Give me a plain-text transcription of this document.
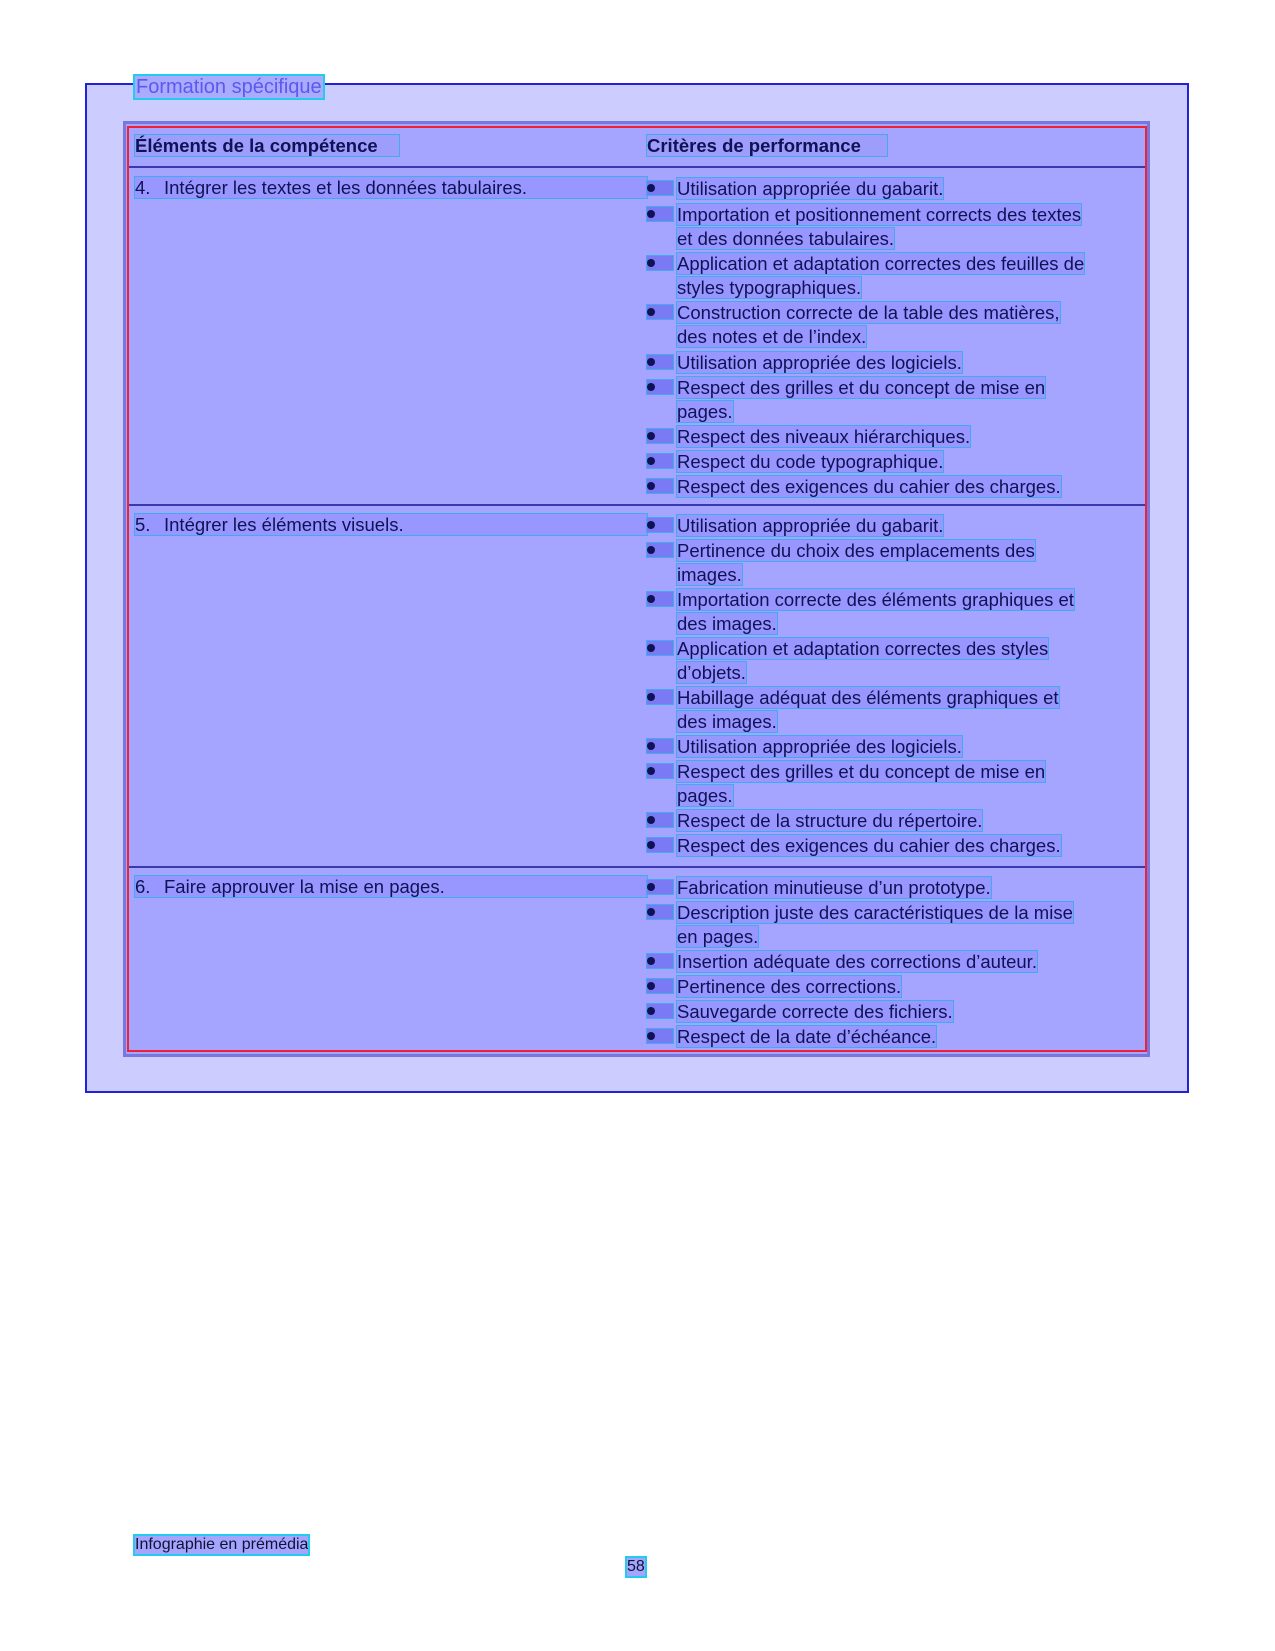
Formation spécifique
Éléments de la compétence	Critères de performance
4. Intégrer les textes et les données tabulaires.	Utilisation appropriée du gabarit.
Importation et positionnement corrects des textes
et des données tabulaires.
Application et adaptation correctes des feuilles de
styles typographiques.
Construction correcte de la table des matières,
des notes et de l’index.
Utilisation appropriée des logiciels.
Respect des grilles et du concept de mise en
pages.
Respect des niveaux hiérarchiques.
Respect du code typographique.
Respect des exigences du cahier des charges.
5. Intégrer les éléments visuels.	Utilisation appropriée du gabarit.
Pertinence du choix des emplacements des
images.
Importation correcte des éléments graphiques et
des images.
Application et adaptation correctes des styles
d’objets.
Habillage adéquat des éléments graphiques et
des images.
Utilisation appropriée des logiciels.
Respect des grilles et du concept de mise en
pages.
Respect de la structure du répertoire.
Respect des exigences du cahier des charges.
6. Faire approuver la mise en pages.	Fabrication minutieuse d’un prototype.
Description juste des caractéristiques de la mise
en pages.
Insertion adéquate des corrections d’auteur.
Pertinence des corrections.
Sauvegarde correcte des fichiers.
Respect de la date d’échéance.
Infographie en prémédia
58
